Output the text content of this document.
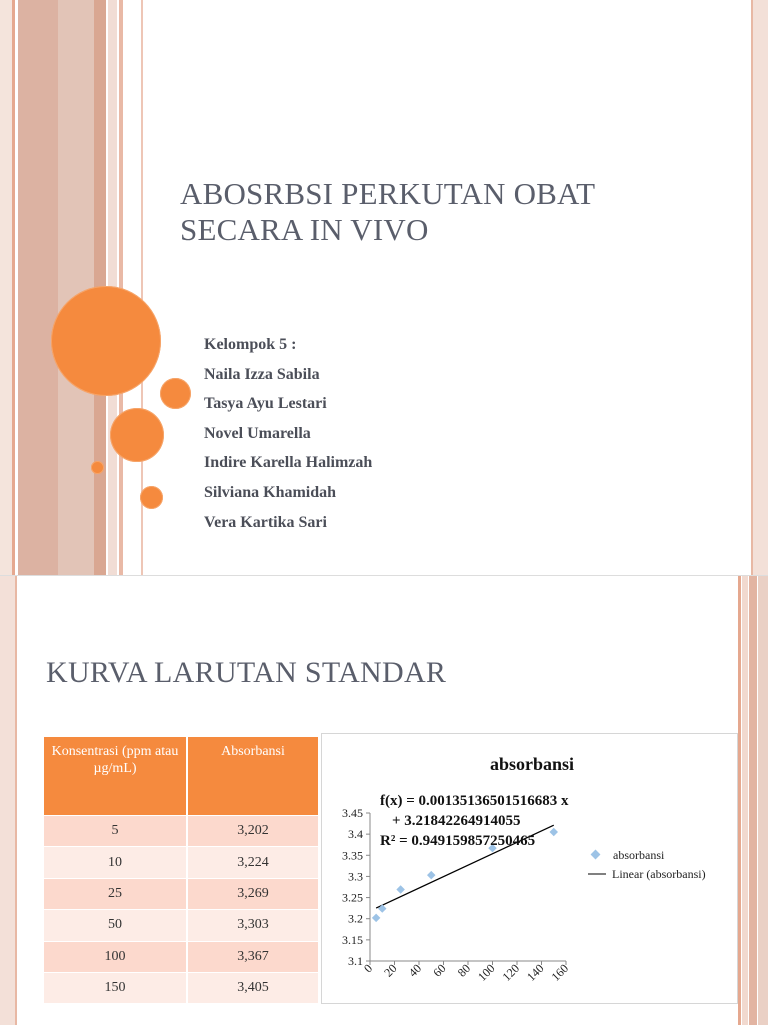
ABOSRBSI PERKUTAN OBAT
SECARA IN VIVO
Kelompok 5 :
Naila Izza Sabila
Tasya Ayu Lestari
Novel Umarella
Indire Karella Halimzah
Silviana Khamidah
Vera Kartika Sari
KURVA LARUTAN STANDAR
Konsentrasi (ppm atau µg/mL)	Absorbansi
5	3,202
10	3,224
25	3,269
50	3,303
100	3,367
150	3,405
absorbansi
3.1
3.15
3.2
3.25
3.3
3.35
3.4
3.45
0 20 40 60 80 100 120 140 160
f(x) = 0.00135136501516683 x
+ 3.21842264914055
R² = 0.949159857250465
absorbansi
Linear (absorbansi)
